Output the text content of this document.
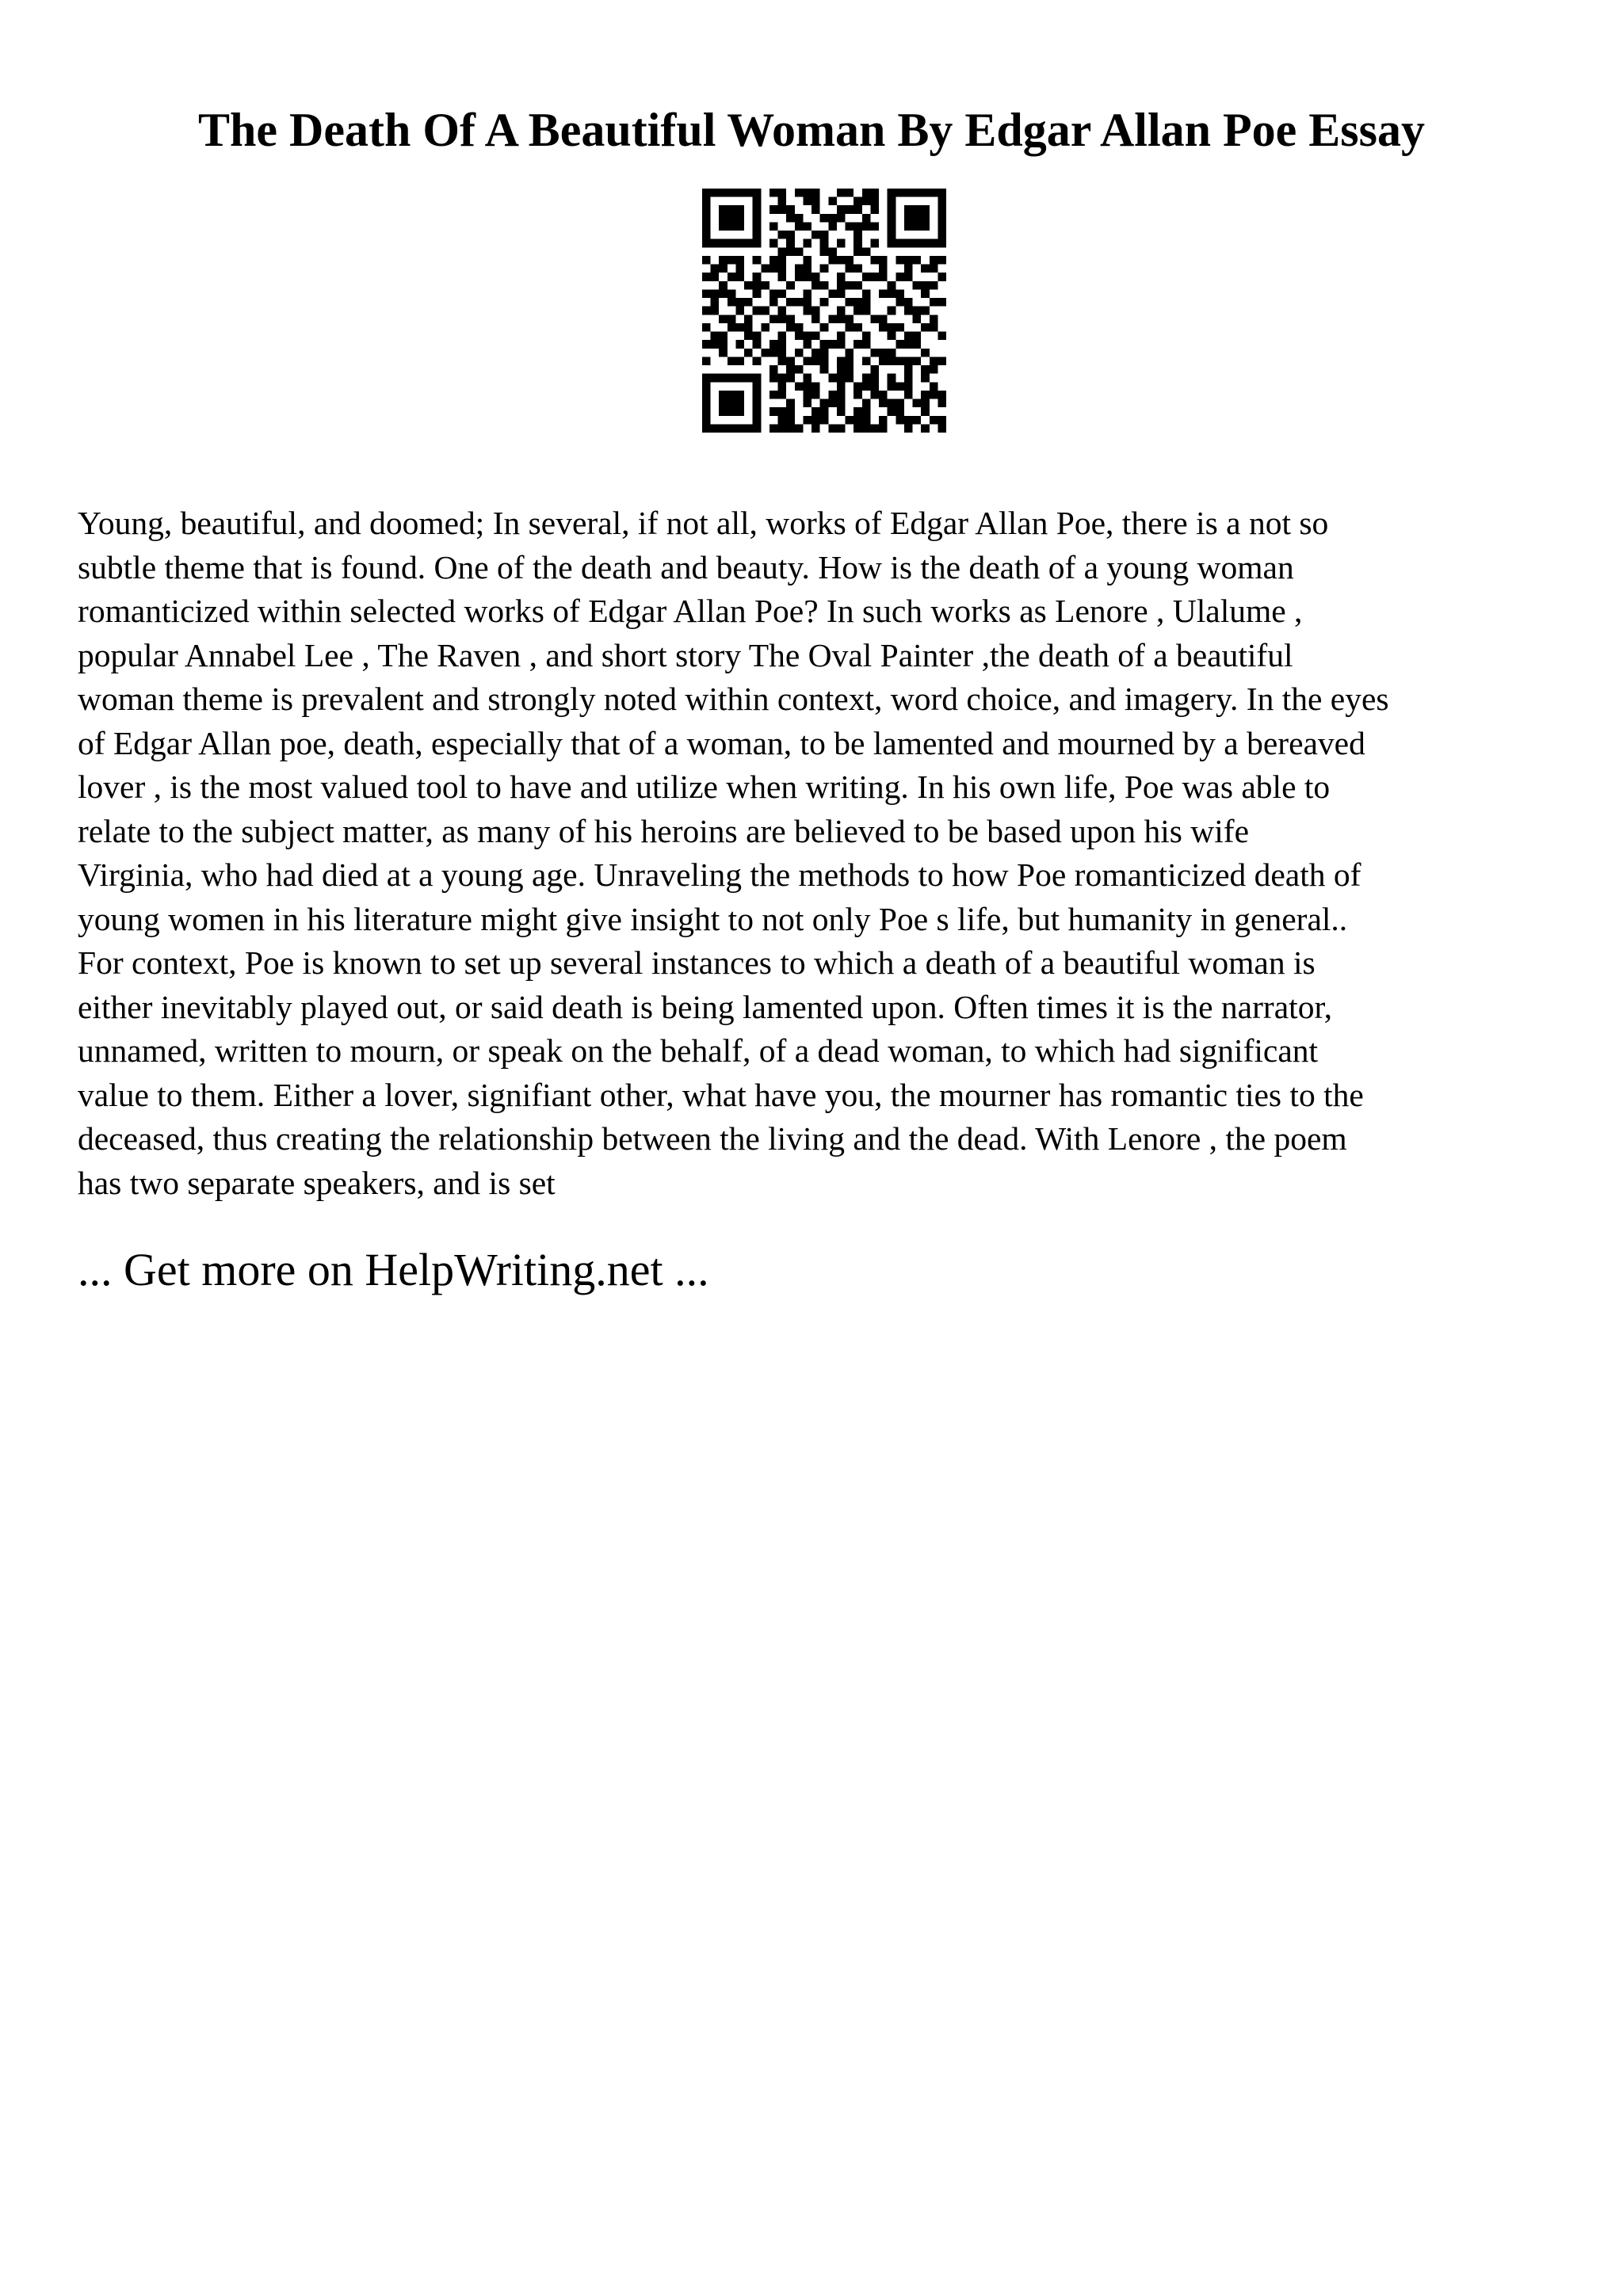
The Death Of A Beautiful Woman By Edgar Allan Poe Essay

Young, beautiful, and doomed; In several, if not all, works of Edgar Allan Poe, there is a not so
subtle theme that is found. One of the death and beauty. How is the death of a young woman
romanticized within selected works of Edgar Allan Poe? In such works as Lenore , Ulalume ,
popular Annabel Lee , The Raven , and short story The Oval Painter ,the death of a beautiful
woman theme is prevalent and strongly noted within context, word choice, and imagery. In the eyes
of Edgar Allan poe, death, especially that of a woman, to be lamented and mourned by a bereaved
lover , is the most valued tool to have and utilize when writing. In his own life, Poe was able to
relate to the subject matter, as many of his heroins are believed to be based upon his wife
Virginia, who had died at a young age. Unraveling the methods to how Poe romanticized death of
young women in his literature might give insight to not only Poe s life, but humanity in general..
For context, Poe is known to set up several instances to which a death of a beautiful woman is
either inevitably played out, or said death is being lamented upon. Often times it is the narrator,
unnamed, written to mourn, or speak on the behalf, of a dead woman, to which had significant
value to them. Either a lover, signifiant other, what have you, the mourner has romantic ties to the
deceased, thus creating the relationship between the living and the dead. With Lenore , the poem
has two separate speakers, and is set

... Get more on HelpWriting.net ...
